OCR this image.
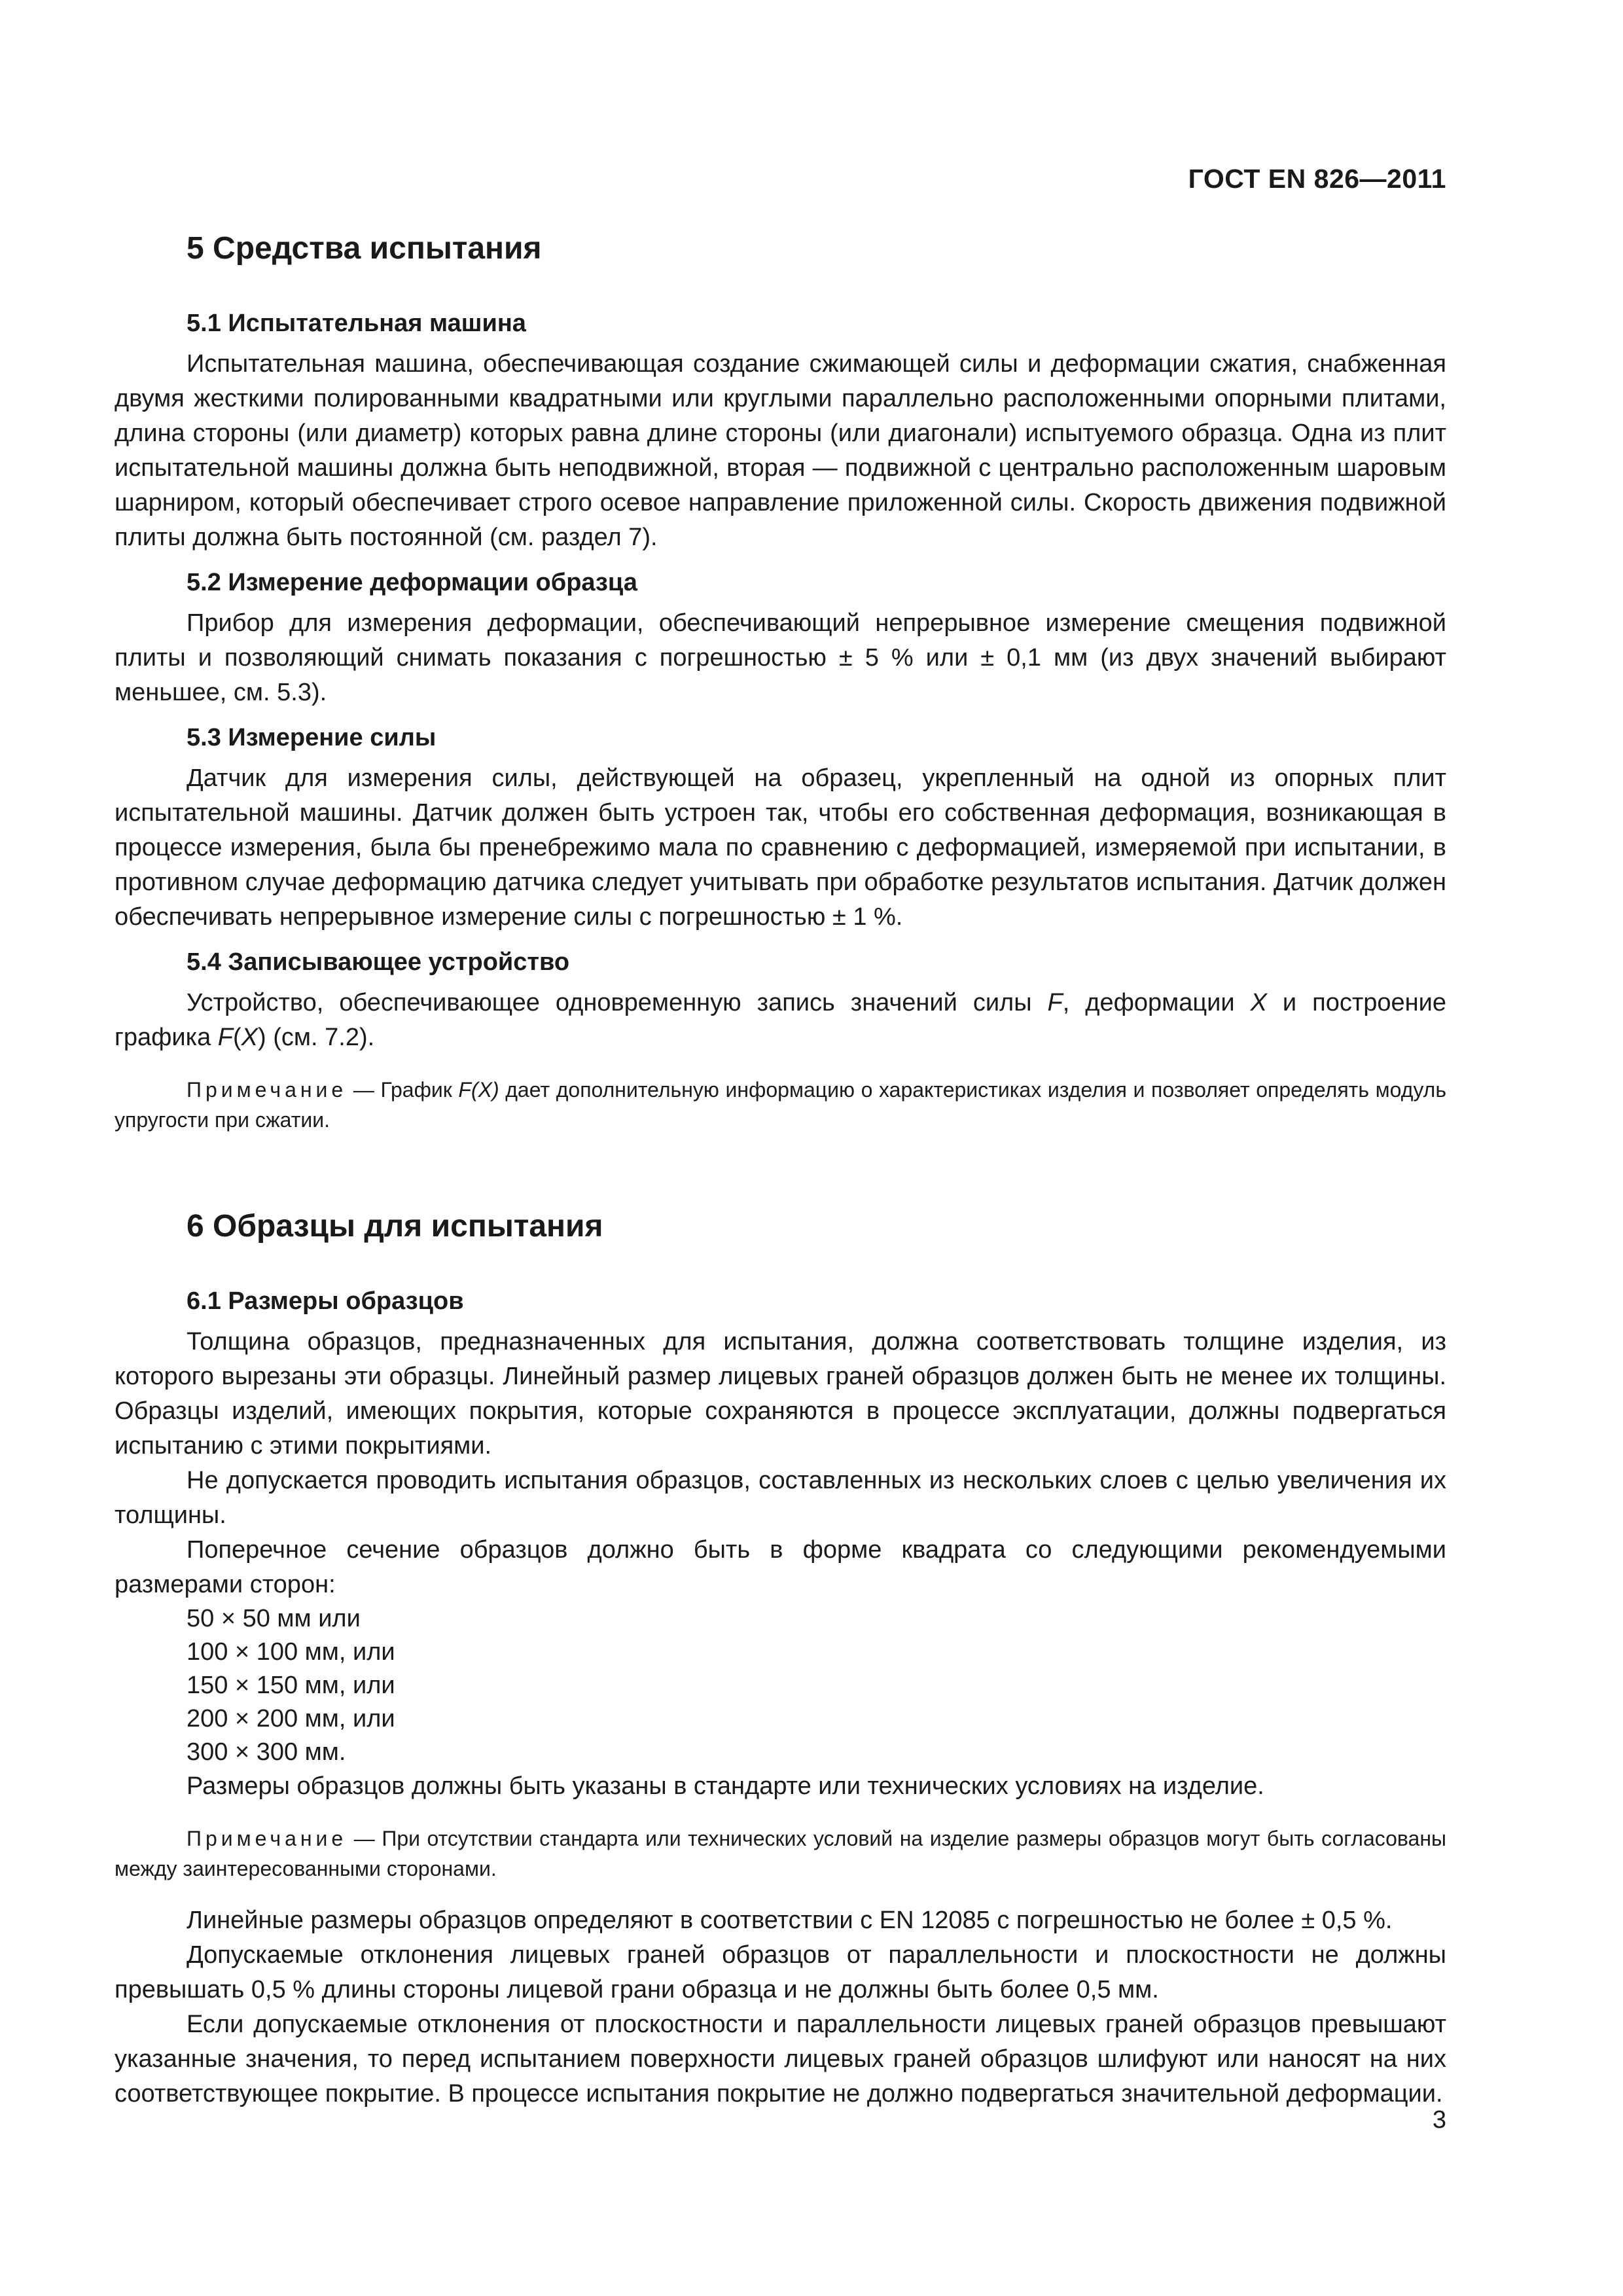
ГОСТ EN 826—2011
5 Средства испытания
5.1 Испытательная машина

Испытательная машина, обеспечивающая создание сжимающей силы и деформации сжатия, снабженная двумя жесткими полированными квадратными или круглыми параллельно расположенными опорными плитами, длина стороны (или диаметр) которых равна длине стороны (или диагонали) испытуемого образца. Одна из плит испытательной машины должна быть неподвижной, вторая — подвижной с центрально расположенным шаровым шарниром, который обеспечивает строго осевое направление приложенной силы. Скорость движения подвижной плиты должна быть постоянной (см. раздел 7).

5.2 Измерение деформации образца

Прибор для измерения деформации, обеспечивающий непрерывное измерение смещения подвижной плиты и позволяющий снимать показания с погрешностью ± 5 % или ± 0,1 мм (из двух значений выбирают меньшее, см. 5.3).

5.3 Измерение силы

Датчик для измерения силы, действующей на образец, укрепленный на одной из опорных плит испытательной машины. Датчик должен быть устроен так, чтобы его собственная деформация, возникающая в процессе измерения, была бы пренебрежимо мала по сравнению с деформацией, измеряемой при испытании, в противном случае деформацию датчика следует учитывать при обработке результатов испытания. Датчик должен обеспечивать непрерывное измерение силы с погрешностью ± 1 %.

5.4 Записывающее устройство

Устройство, обеспечивающее одновременную запись значений силы F, деформации X и построение графика F(X) (см. 7.2).

Примечание — График F(X) дает дополнительную информацию о характеристиках изделия и позволяет определять модуль упругости при сжатии.

6 Образцы для испытания
6.1 Размеры образцов

Толщина образцов, предназначенных для испытания, должна соответствовать толщине изделия, из которого вырезаны эти образцы. Линейный размер лицевых граней образцов должен быть не менее их толщины. Образцы изделий, имеющих покрытия, которые сохраняются в процессе эксплуатации, должны подвергаться испытанию с этими покрытиями.

Не допускается проводить испытания образцов, составленных из нескольких слоев с целью увеличения их толщины.

Поперечное сечение образцов должно быть в форме квадрата со следующими рекомендуемыми размерами сторон:

50 × 50 мм или
100 × 100 мм, или
150 × 150 мм, или
200 × 200 мм, или
300 × 300 мм.

Размеры образцов должны быть указаны в стандарте или технических условиях на изделие.

Примечание — При отсутствии стандарта или технических условий на изделие размеры образцов могут быть согласованы между заинтересованными сторонами.

Линейные размеры образцов определяют в соответствии с EN 12085 с погрешностью не более ± 0,5 %.

Допускаемые отклонения лицевых граней образцов от параллельности и плоскостности не должны превышать 0,5 % длины стороны лицевой грани образца и не должны быть более 0,5 мм.

Если допускаемые отклонения от плоскостности и параллельности лицевых граней образцов превышают указанные значения, то перед испытанием поверхности лицевых граней образцов шлифуют или наносят на них соответствующее покрытие. В процессе испытания покрытие не должно подвергаться значительной деформации.

3
